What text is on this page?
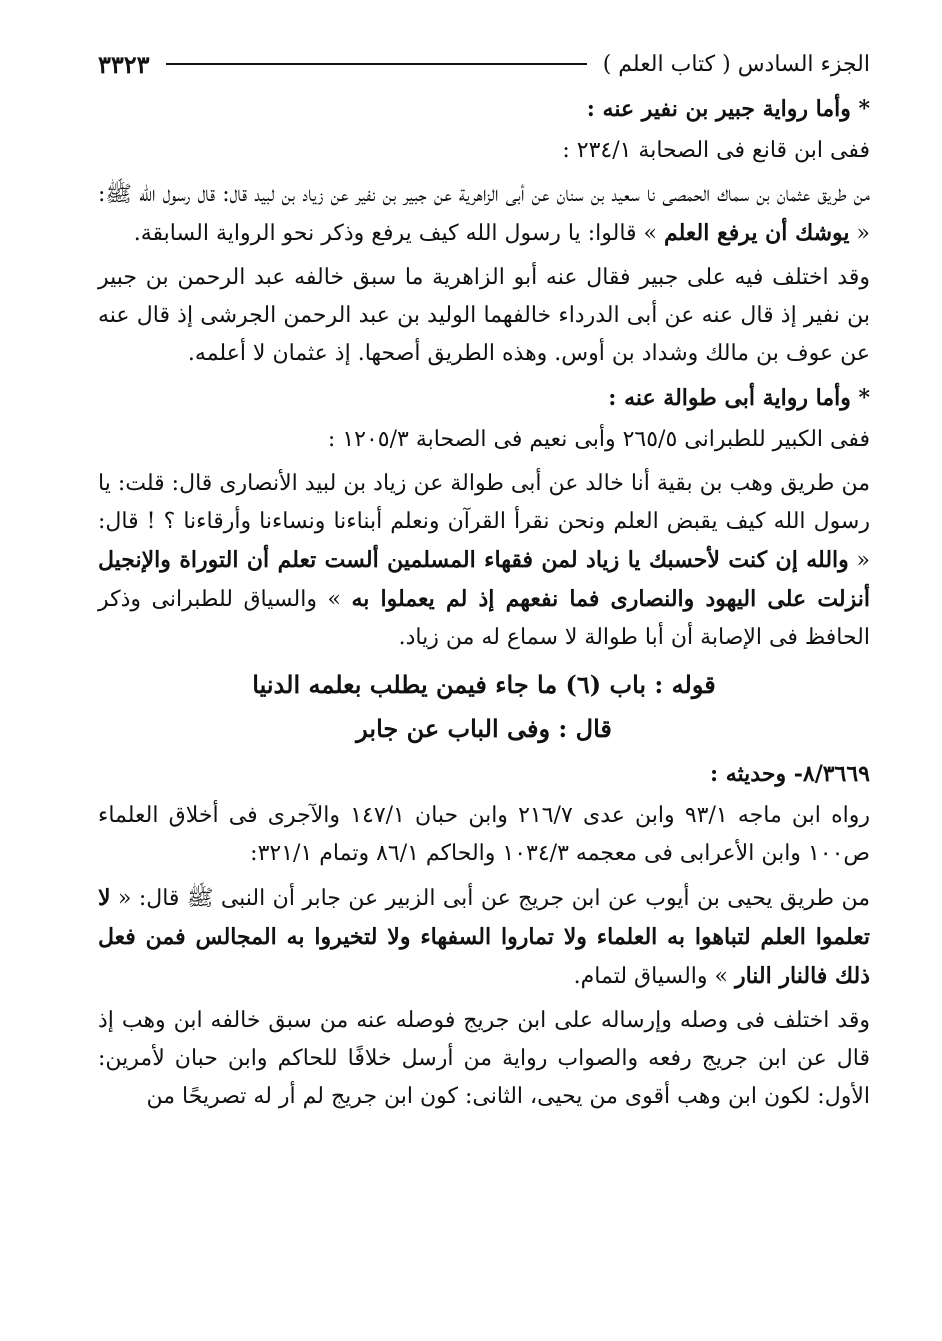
الجزء السادس ( كتاب العلم )
٣٣٢٣
* وأما رواية جبير بن نفير عنه :
ففى ابن قانع فى الصحابة ٢٣٤/١ :
من طريق عثمان بن سماك الحمصى نا سعيد بن سنان عن أبى الزاهرية عن جبير بن نفير عن زياد بن لبيد قال: قال رسول الله ﷺ: « يوشك أن يرفع العلم » قالوا: يا رسول الله كيف يرفع وذكر نحو الرواية السابقة.
وقد اختلف فيه على جبير فقال عنه أبو الزاهرية ما سبق خالفه عبد الرحمن بن جبير بن نفير إذ قال عنه عن أبى الدرداء خالفهما الوليد بن عبد الرحمن الجرشى إذ قال عنه عن عوف بن مالك وشداد بن أوس. وهذه الطريق أصحها. إذ عثمان لا أعلمه.
* وأما رواية أبى طوالة عنه :
ففى الكبير للطبرانى ٢٦٥/٥ وأبى نعيم فى الصحابة ١٢٠٥/٣ :
من طريق وهب بن بقية أنا خالد عن أبى طوالة عن زياد بن لبيد الأنصارى قال: قلت: يا رسول الله كيف يقبض العلم ونحن نقرأ القرآن ونعلم أبناءنا ونساءنا وأرقاءنا ؟ ! قال: « والله إن كنت لأحسبك يا زياد لمن فقهاء المسلمين ألست تعلم أن التوراة والإنجيل أنزلت على اليهود والنصارى فما نفعهم إذ لم يعملوا به » والسياق للطبرانى وذكر الحافظ فى الإصابة أن أبا طوالة لا سماع له من زياد.
قوله : باب (٦) ما جاء فيمن يطلب بعلمه الدنيا
قال : وفى الباب عن جابر
٨/٣٦٦٩- وحديثه :
رواه ابن ماجه ٩٣/١ وابن عدى ٢١٦/٧ وابن حبان ١٤٧/١ والآجرى فى أخلاق العلماء ص١٠٠ وابن الأعرابى فى معجمه ١٠٣٤/٣ والحاكم ٨٦/١ وتمام ٣٢١/١:
من طريق يحيى بن أيوب عن ابن جريج عن أبى الزبير عن جابر أن النبى ﷺ قال: « لا تعلموا العلم لتباهوا به العلماء ولا تماروا السفهاء ولا لتخيروا به المجالس فمن فعل ذلك فالنار النار » والسياق لتمام.
وقد اختلف فى وصله وإرساله على ابن جريج فوصله عنه من سبق خالفه ابن وهب إذ قال عن ابن جريج رفعه والصواب رواية من أرسل خلافًا للحاكم وابن حبان لأمرين: الأول: لكون ابن وهب أقوى من يحيى، الثانى: كون ابن جريج لم أر له تصريحًا من
